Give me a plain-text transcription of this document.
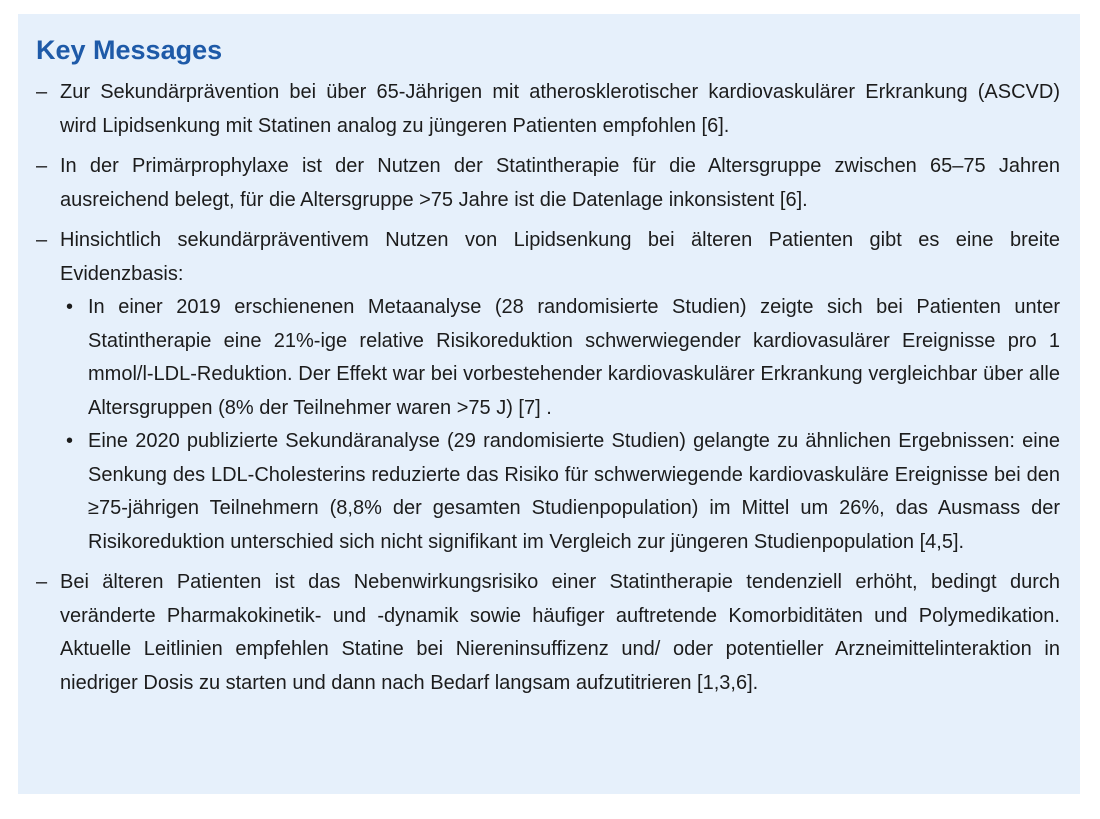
Key Messages
– Zur Sekundärprävention bei über 65-Jährigen mit atherosklerotischer kardiovaskulärer Erkrankung (ASCVD) wird Lipidsenkung mit Statinen analog zu jüngeren Patienten empfohlen [6].
– In der Primärprophylaxe ist der Nutzen der Statintherapie für die Altersgruppe zwischen 65–75 Jahren ausreichend belegt, für die Altersgruppe >75 Jahre ist die Datenlage inkonsistent [6].
– Hinsichtlich sekundärpräventivem Nutzen von Lipidsenkung bei älteren Patienten gibt es eine breite Evidenzbasis:
• In einer 2019 erschienenen Metaanalyse (28 randomisierte Studien) zeigte sich bei Patienten unter Statintherapie eine 21%-ige relative Risikoreduktion schwerwiegender kardiovasulärer Ereignisse pro 1 mmol/l-LDL-Reduktion. Der Effekt war bei vorbestehender kardiovaskulärer Erkrankung vergleichbar über alle Altersgruppen (8% der Teilnehmer waren >75 J) [7] .
• Eine 2020 publizierte Sekundäranalyse (29 randomisierte Studien) gelangte zu ähnlichen Ergebnissen: eine Senkung des LDL-Cholesterins reduzierte das Risiko für schwerwiegende kardiovaskuläre Ereignisse bei den ≥75-jährigen Teilnehmern (8,8% der gesamten Studienpopulation) im Mittel um 26%, das Ausmass der Risikoreduktion unterschied sich nicht signifikant im Vergleich zur jüngeren Studienpopulation [4,5].
– Bei älteren Patienten ist das Nebenwirkungsrisiko einer Statintherapie tendenziell erhöht, bedingt durch veränderte Pharmakokinetik- und -dynamik sowie häufiger auftretende Komorbiditäten und Polymedikation. Aktuelle Leitlinien empfehlen Statine bei Niereninsuffizenz und/ oder potentieller Arzneimittelinteraktion in niedriger Dosis zu starten und dann nach Bedarf langsam aufzutitrieren [1,3,6].
